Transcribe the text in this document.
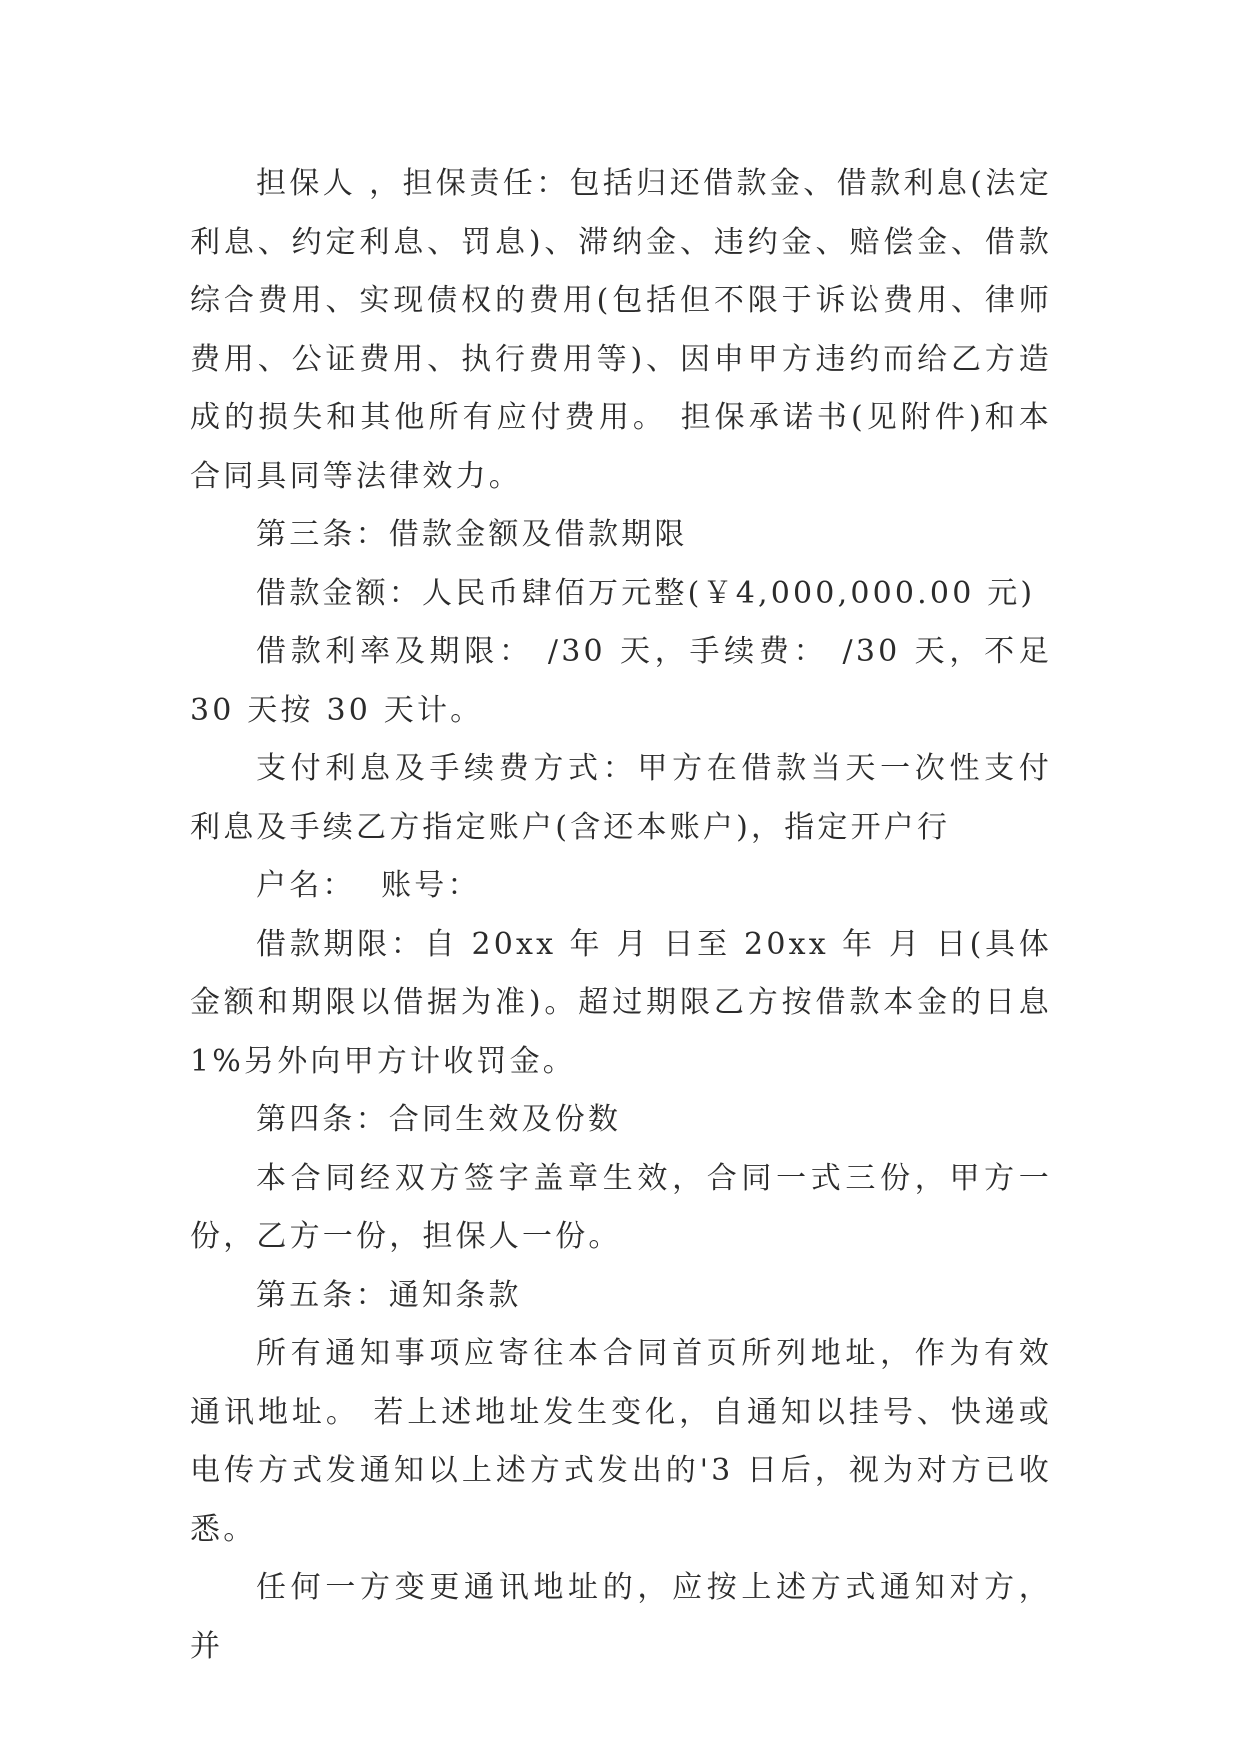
担保人 ，担保责任：包括归还借款金、借款利息(法定利息、约定利息、罚息)、滞纳金、违约金、赔偿金、借款综合费用、实现债权的费用(包括但不限于诉讼费用、律师费用、公证费用、执行费用等)、因申甲方违约而给乙方造成的损失和其他所有应付费用。 担保承诺书(见附件)和本合同具同等法律效力。

第三条：借款金额及借款期限

借款金额：人民币肆佰万元整(￥4,000,000.00 元)

借款利率及期限： /30 天，手续费： /30 天，不足 30 天按 30 天计。

支付利息及手续费方式：甲方在借款当天一次性支付利息及手续乙方指定账户(含还本账户)，指定开户行

户名：  账号：

借款期限：自 20xx 年 月 日至 20xx 年 月 日(具体金额和期限以借据为准)。超过期限乙方按借款本金的日息1%另外向甲方计收罚金。

第四条：合同生效及份数

本合同经双方签字盖章生效，合同一式三份，甲方一份，乙方一份，担保人一份。

第五条：通知条款

所有通知事项应寄往本合同首页所列地址，作为有效通讯地址。 若上述地址发生变化，自通知以挂号、快递或电传方式发通知以上述方式发出的'3 日后，视为对方已收悉。

任何一方变更通讯地址的，应按上述方式通知对方，并
